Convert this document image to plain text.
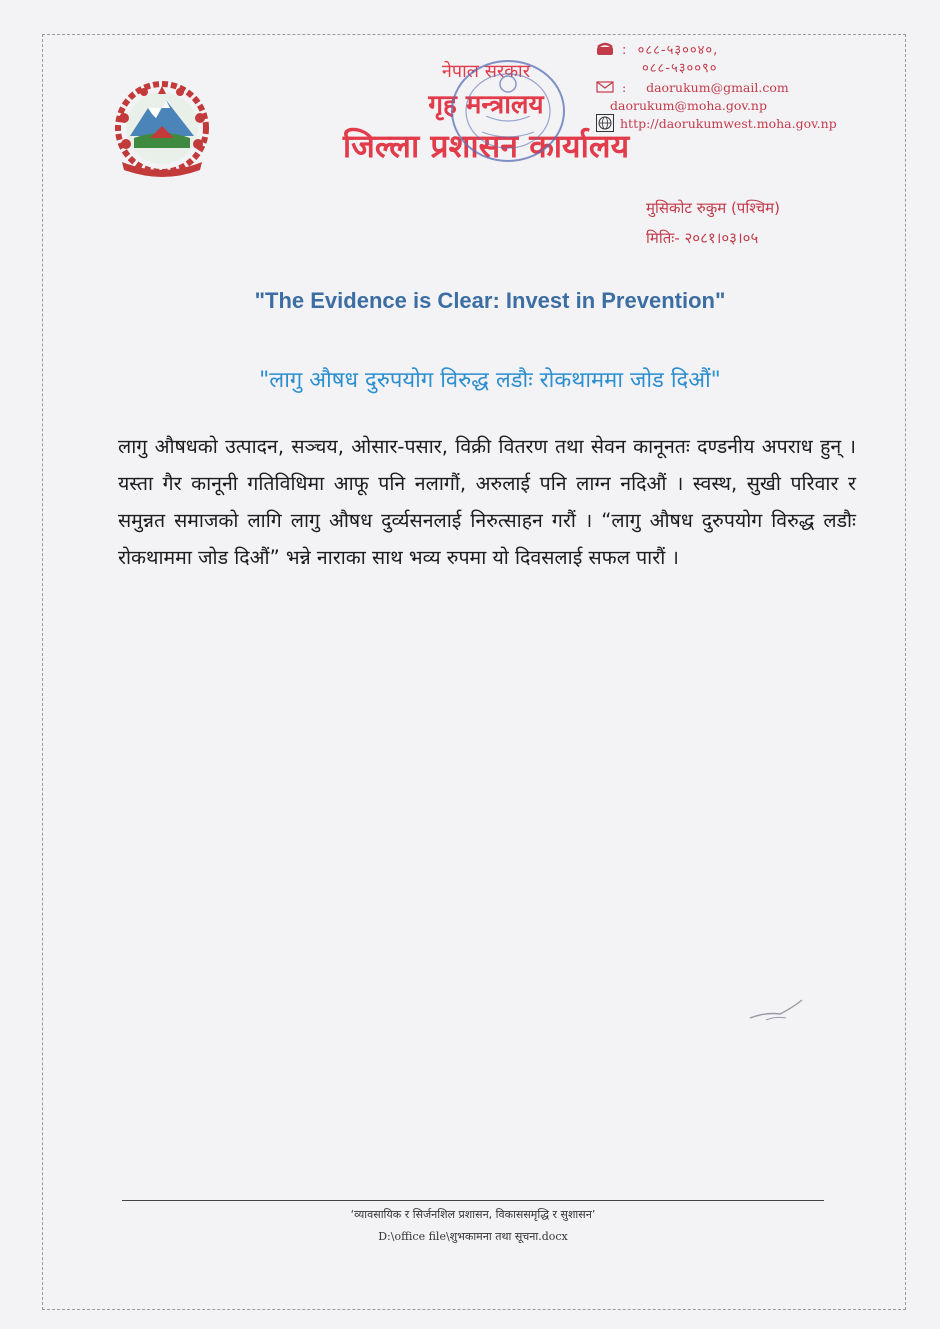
नेपाल सरकार
गृह मन्त्रालय
जिल्ला प्रशासन कार्यालय
:  ०८८-५३००४०,
०८८-५३००९०
:     daorukum@gmail.com
daorukum@moha.gov.np
http://daorukumwest.moha.gov.np
मुसिकोट रुकुम (पश्चिम)
मितिः- २०८१।०३।०५
"The Evidence is Clear: Invest in Prevention"
"लागु औषध दुरुपयोग विरुद्ध लडौः रोकथाममा जोड दिऔं"
लागु औषधको उत्पादन, सञ्चय, ओसार-पसार, विक्री वितरण तथा सेवन कानूनतः दण्डनीय अपराध हुन् । यस्ता गैर कानूनी गतिविधिमा आफू पनि नलागौं, अरुलाई पनि लाग्न नदिऔं । स्वस्थ, सुखी परिवार र समुन्नत समाजको लागि लागु औषध दुर्व्यसनलाई निरुत्साहन गरौं । “लागु औषध दुरुपयोग विरुद्ध लडौः रोकथाममा जोड दिऔं” भन्ने नाराका साथ भव्य रुपमा यो दिवसलाई सफल पारौं ।
‘व्यावसायिक र सिर्जनशिल प्रशासन, विकाससमृद्धि र सुशासन’
D:\office file\शुभकामना तथा सूचना.docx
